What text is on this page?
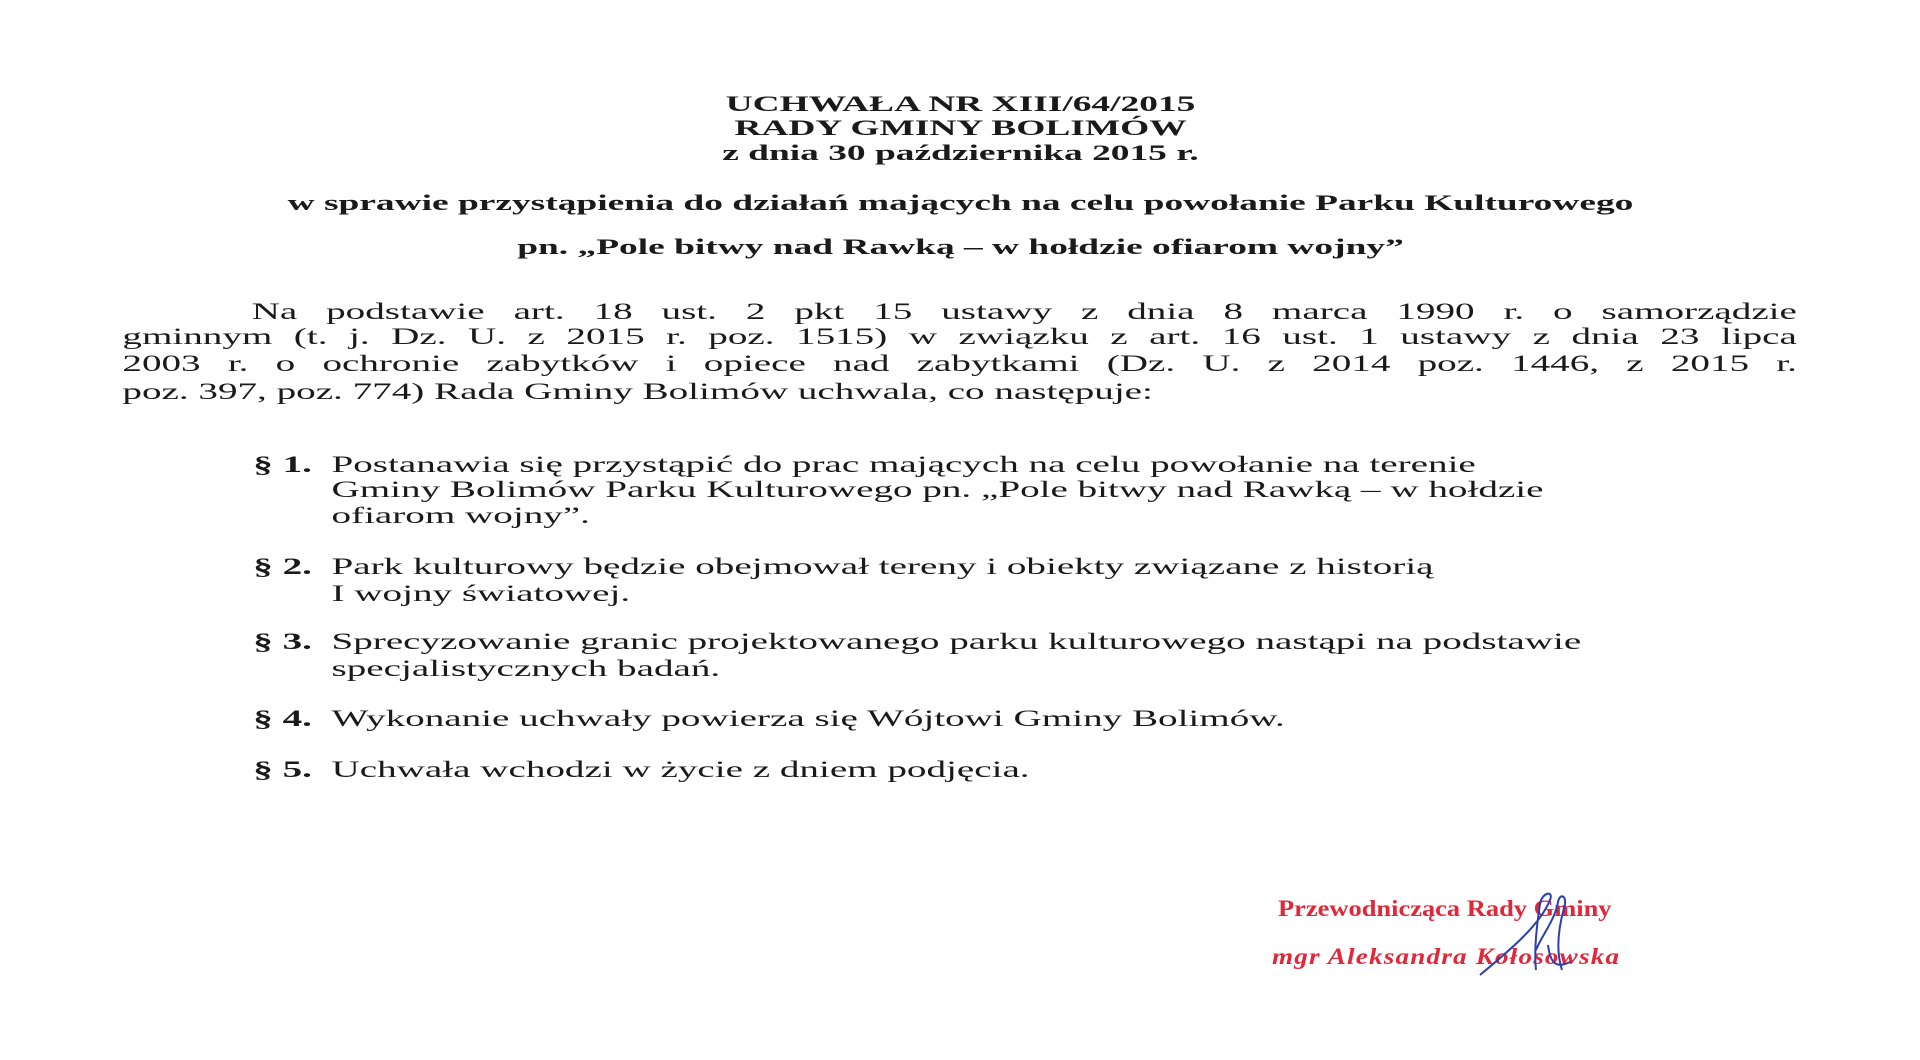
UCHWAŁA NR XIII/64/2015
RADY GMINY BOLIMÓW
z dnia 30 października 2015 r.
w sprawie przystąpienia do działań mających na celu powołanie Parku Kulturowego
pn. „Pole bitwy nad Rawką – w hołdzie ofiarom wojny”
Na podstawie art. 18 ust. 2 pkt 15 ustawy z dnia 8 marca 1990 r. o samorządzie
gminnym (t. j. Dz. U. z 2015 r. poz. 1515) w związku z art. 16 ust. 1 ustawy z dnia 23 lipca
2003 r. o ochronie zabytków i opiece nad zabytkami (Dz. U. z 2014 poz. 1446, z 2015 r.
poz. 397, poz. 774) Rada Gminy Bolimów uchwala, co następuje:
§ 1. Postanawia się przystąpić do prac mających na celu powołanie na terenie
Gminy Bolimów Parku Kulturowego pn. „Pole bitwy nad Rawką – w hołdzie
ofiarom wojny”.
§ 2. Park kulturowy będzie obejmował tereny i obiekty związane z historią
I wojny światowej.
§ 3. Sprecyzowanie granic projektowanego parku kulturowego nastąpi na podstawie
specjalistycznych badań.
§ 4. Wykonanie uchwały powierza się Wójtowi Gminy Bolimów.
§ 5. Uchwała wchodzi w życie z dniem podjęcia.
Przewodnicząca Rady Gminy
mgr Aleksandra Kołosowska
